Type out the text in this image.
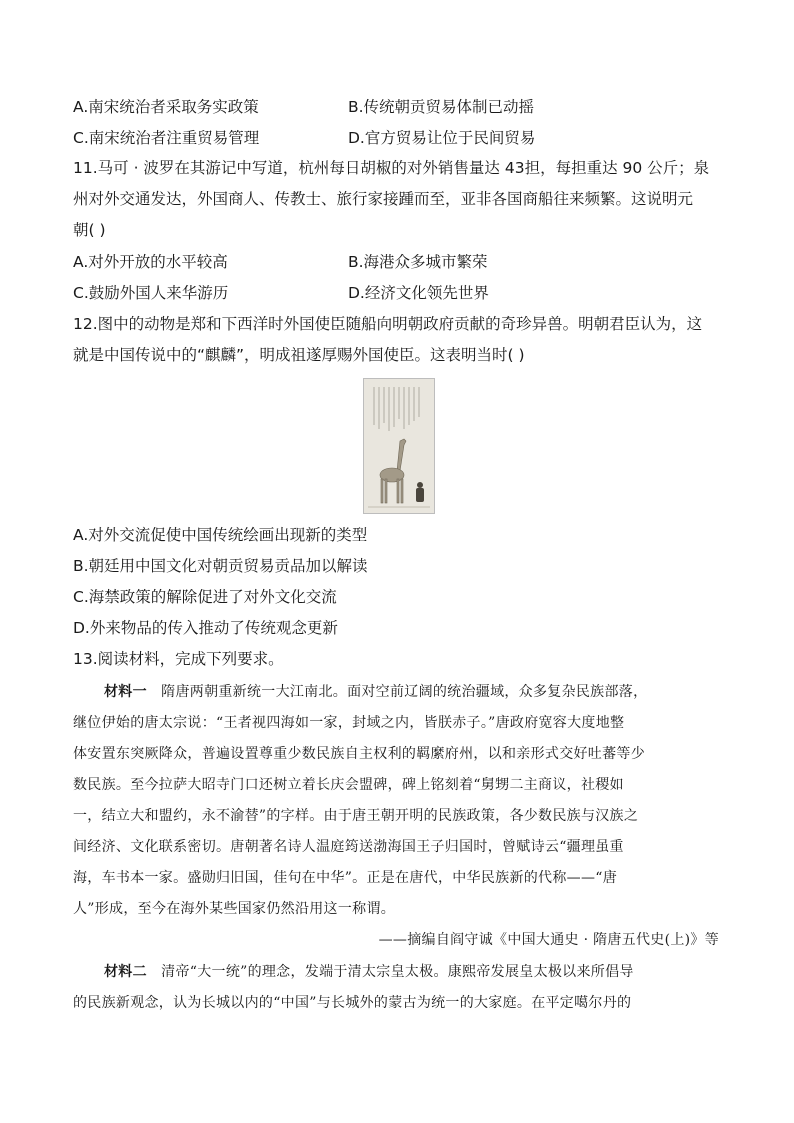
A.南宋统治者采取务实政策	B.传统朝贡贸易体制已动摇
C.南宋统治者注重贸易管理	D.官方贸易让位于民间贸易
11.马可 · 波罗在其游记中写道，杭州每日胡椒的对外销售量达 43担，每担重达 90 公斤；泉
州对外交通发达，外国商人、传教士、旅行家接踵而至，亚非各国商船往来频繁。这说明元
朝( )
A.对外开放的水平较高	B.海港众多城市繁荣
C.鼓励外国人来华游历	D.经济文化领先世界
12.图中的动物是郑和下西洋时外国使臣随船向明朝政府贡献的奇珍异兽。明朝君臣认为，这
就是中国传说中的“麒麟”，明成祖遂厚赐外国使臣。这表明当时( )
A.对外交流促使中国传统绘画出现新的类型
B.朝廷用中国文化对朝贡贸易贡品加以解读
C.海禁政策的解除促进了对外文化交流
D.外来物品的传入推动了传统观念更新
13.阅读材料，完成下列要求。
材料一 隋唐两朝重新统一大江南北。面对空前辽阔的统治疆域，众多复杂民族部落，
继位伊始的唐太宗说：“王者视四海如一家，封域之内，皆朕赤子。”唐政府宽容大度地整
体安置东突厥降众，普遍设置尊重少数民族自主权利的羁縻府州，以和亲形式交好吐蕃等少
数民族。至今拉萨大昭寺门口还树立着长庆会盟碑，碑上铭刻着“舅甥二主商议，社稷如
一，结立大和盟约，永不渝替”的字样。由于唐王朝开明的民族政策，各少数民族与汉族之
间经济、文化联系密切。唐朝著名诗人温庭筠送渤海国王子归国时，曾赋诗云“疆理虽重
海，车书本一家。盛勋归旧国，佳句在中华”。正是在唐代，中华民族新的代称——“唐
人”形成，至今在海外某些国家仍然沿用这一称谓。
——摘编自阎守诚《中国大通史 · 隋唐五代史(上)》等
材料二 清帝“大一统”的理念，发端于清太宗皇太极。康熙帝发展皇太极以来所倡导
的民族新观念，认为长城以内的“中国”与长城外的蒙古为统一的大家庭。在平定噶尔丹的
